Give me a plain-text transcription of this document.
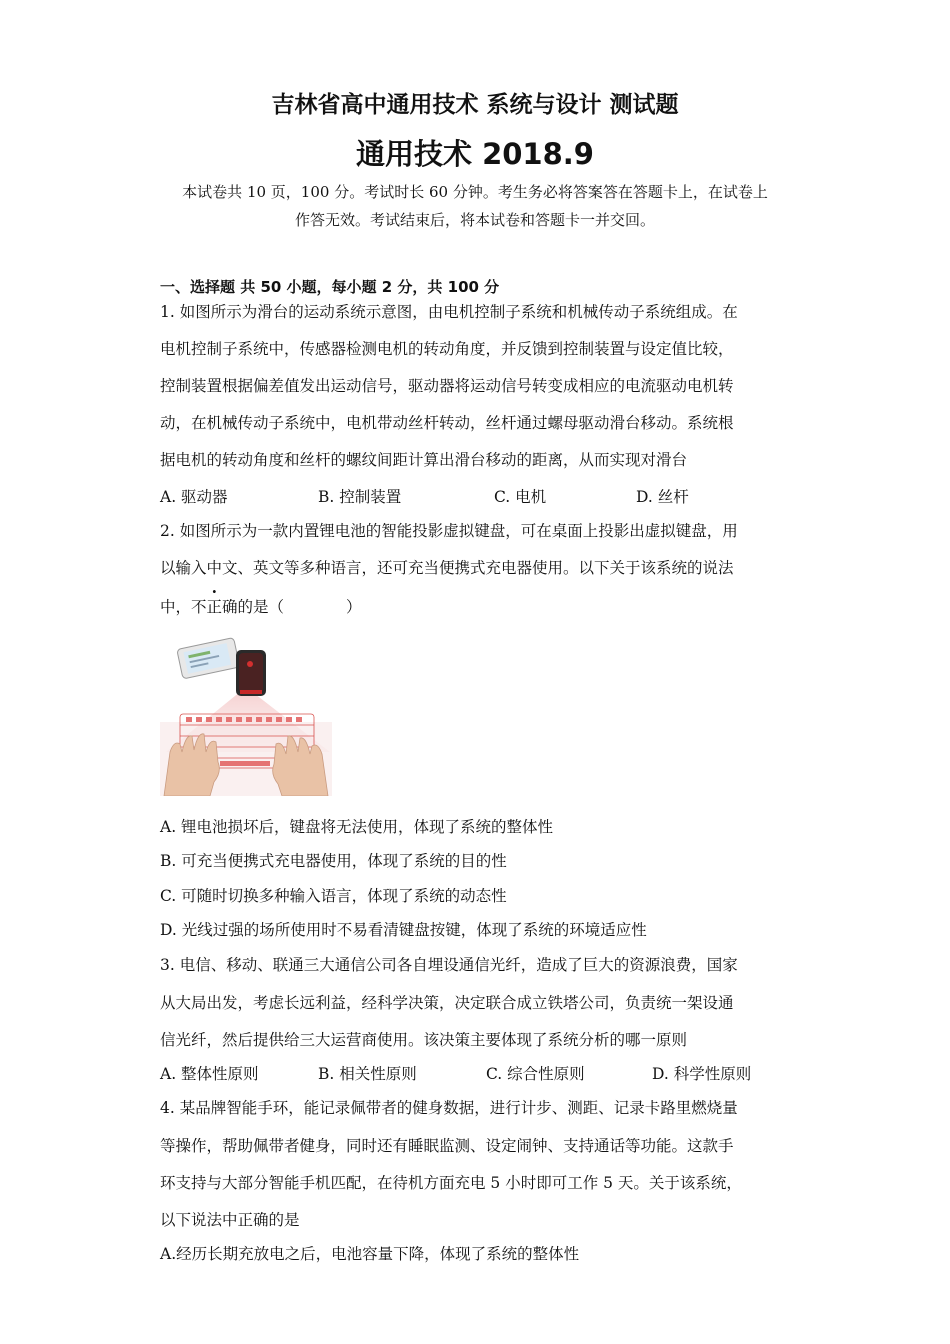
吉林省高中通用技术 系统与设计 测试题
通用技术 2018.9
本试卷共 10 页，100 分。考试时长 60 分钟。考生务必将答案答在答题卡上，在试卷上
作答无效。考试结束后，将本试卷和答题卡一并交回。
一、选择题 共 50 小题，每小题 2 分，共 100 分
1. 如图所示为滑台的运动系统示意图，由电机控制子系统和机械传动子系统组成。在
电机控制子系统中，传感器检测电机的转动角度，并反馈到控制装置与设定值比较，
控制装置根据偏差值发出运动信号，驱动器将运动信号转变成相应的电流驱动电机转
动，在机械传动子系统中，电机带动丝杆转动，丝杆通过螺母驱动滑台移动。系统根
据电机的转动角度和丝杆的螺纹间距计算出滑台移动的距离，从而实现对滑台
A. 驱动器	B. 控制装置	C. 电机	D. 丝杆
2. 如图所示为一款内置锂电池的智能投影虚拟键盘，可在桌面上投影出虚拟键盘，用
以输入中文、英文等多种语言，还可充当便携式充电器使用。以下关于该系统的说法
中，不正确的是（　　　　）
A. 锂电池损坏后，键盘将无法使用，体现了系统的整体性
B. 可充当便携式充电器使用，体现了系统的目的性
C. 可随时切换多种输入语言，体现了系统的动态性
D. 光线过强的场所使用时不易看清键盘按键，体现了系统的环境适应性
3. 电信、移动、联通三大通信公司各自埋设通信光纤，造成了巨大的资源浪费，国家
从大局出发，考虑长远利益，经科学决策，决定联合成立铁塔公司，负责统一架设通
信光纤，然后提供给三大运营商使用。该决策主要体现了系统分析的哪一原则
A. 整体性原则	B. 相关性原则	C. 综合性原则	D. 科学性原则
4. 某品牌智能手环，能记录佩带者的健身数据，进行计步、测距、记录卡路里燃烧量
等操作，帮助佩带者健身，同时还有睡眠监测、设定闹钟、支持通话等功能。这款手
环支持与大部分智能手机匹配，在待机方面充电 5 小时即可工作 5 天。关于该系统，
以下说法中正确的是
A.经历长期充放电之后，电池容量下降，体现了系统的整体性
